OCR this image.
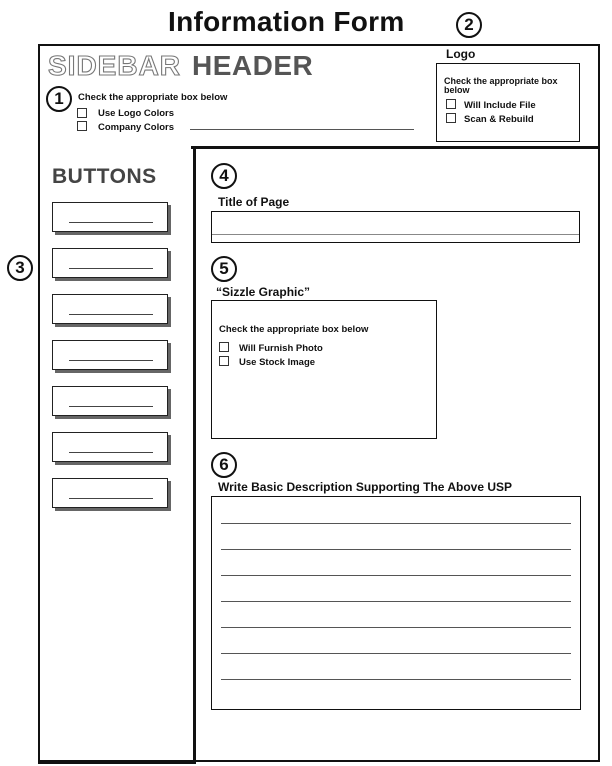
Information Form	2
SIDEBAR HEADER
1	Check the appropriate box below
Use Logo Colors
Company Colors
Logo
Check the appropriate box
below
Will Include File
Scan & Rebuild
3
BUTTONS	4
Title of Page
5
“Sizzle Graphic”
Check the appropriate box below
Will Furnish Photo
Use Stock Image
6
Write Basic Description Supporting The Above USP
